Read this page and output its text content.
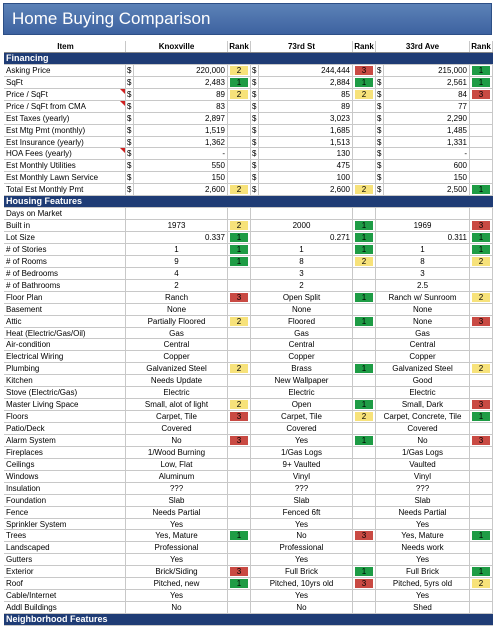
Home Buying Comparison
Item	Knoxville	Rank	73rd St	Rank	33rd Ave	Rank
Financing
Asking Price	$	220,000	2	$	244,444	3	$	215,000	1
SqFt	$	2,483	1	$	2,884	1	$	2,561	1
Price / SqFt	$	89	2	$	85	2	$	84	3
Price / SqFt from CMA	$	83	$	89	$	77
Est Taxes (yearly)	$	2,897	$	3,023	$	2,290
Est Mtg Pmt (monthly)	$	1,519	$	1,685	$	1,485
Est Insurance (yearly)	$	1,362	$	1,513	$	1,331
HOA Fees (yearly)	$	-	$	130	$	-
Est Monthly Utilities	$	550	$	475	$	600
Est Monthly Lawn Service	$	150	$	100	$	150
Total Est Monthly Pmt	$	2,600	2	$	2,600	2	$	2,500	1
Housing Features
Days on Market
Built in	1973	2	2000	1	1969	3
Lot Size	0.337	1	0.271	1	0.311	1
# of Stories	1	1	1	1	1	1
# of Rooms	9	1	8	2	8	2
# of Bedrooms	4	3	3
# of Bathrooms	2	2	2.5
Floor Plan	Ranch	3	Open Split	1	Ranch w/ Sunroom	2
Basement	None	None	None
Attic	Partially Floored	2	Floored	1	None	3
Heat (Electric/Gas/Oil)	Gas	Gas	Gas
Air-condition	Central	Central	Central
Electrical Wiring	Copper	Copper	Copper
Plumbing	Galvanized Steel	2	Brass	1	Galvanized Steel	2
Kitchen	Needs Update	New Wallpaper	Good
Stove (Electric/Gas)	Electric	Electric	Electric
Master Living Space	Small, alot of light	2	Open	1	Small, Dark	3
Floors	Carpet, Tile	3	Carpet, Tile	2	Carpet, Concrete, Tile	1
Patio/Deck	Covered	Covered	Covered
Alarm System	No	3	Yes	1	No	3
Fireplaces	1/Wood Burning	1/Gas Logs	1/Gas Logs
Ceilings	Low, Flat	9+ Vaulted	Vaulted
Windows	Aluminum	Vinyl	Vinyl
Insulation	???	???	???
Foundation	Slab	Slab	Slab
Fence	Needs Partial	Fenced 6ft	Needs Partial
Sprinkler System	Yes	Yes	Yes
Trees	Yes, Mature	1	No	3	Yes, Mature	1
Landscaped	Professional	Professional	Needs work
Gutters	Yes	Yes	Yes
Exterior	Brick/Siding	3	Full Brick	1	Full Brick	1
Roof	Pitched, new	1	Pitched, 10yrs old	3	Pitched, 5yrs old	2
Cable/Internet	Yes	Yes	Yes
Addl Buildings	No	No	Shed
Neighborhood Features
